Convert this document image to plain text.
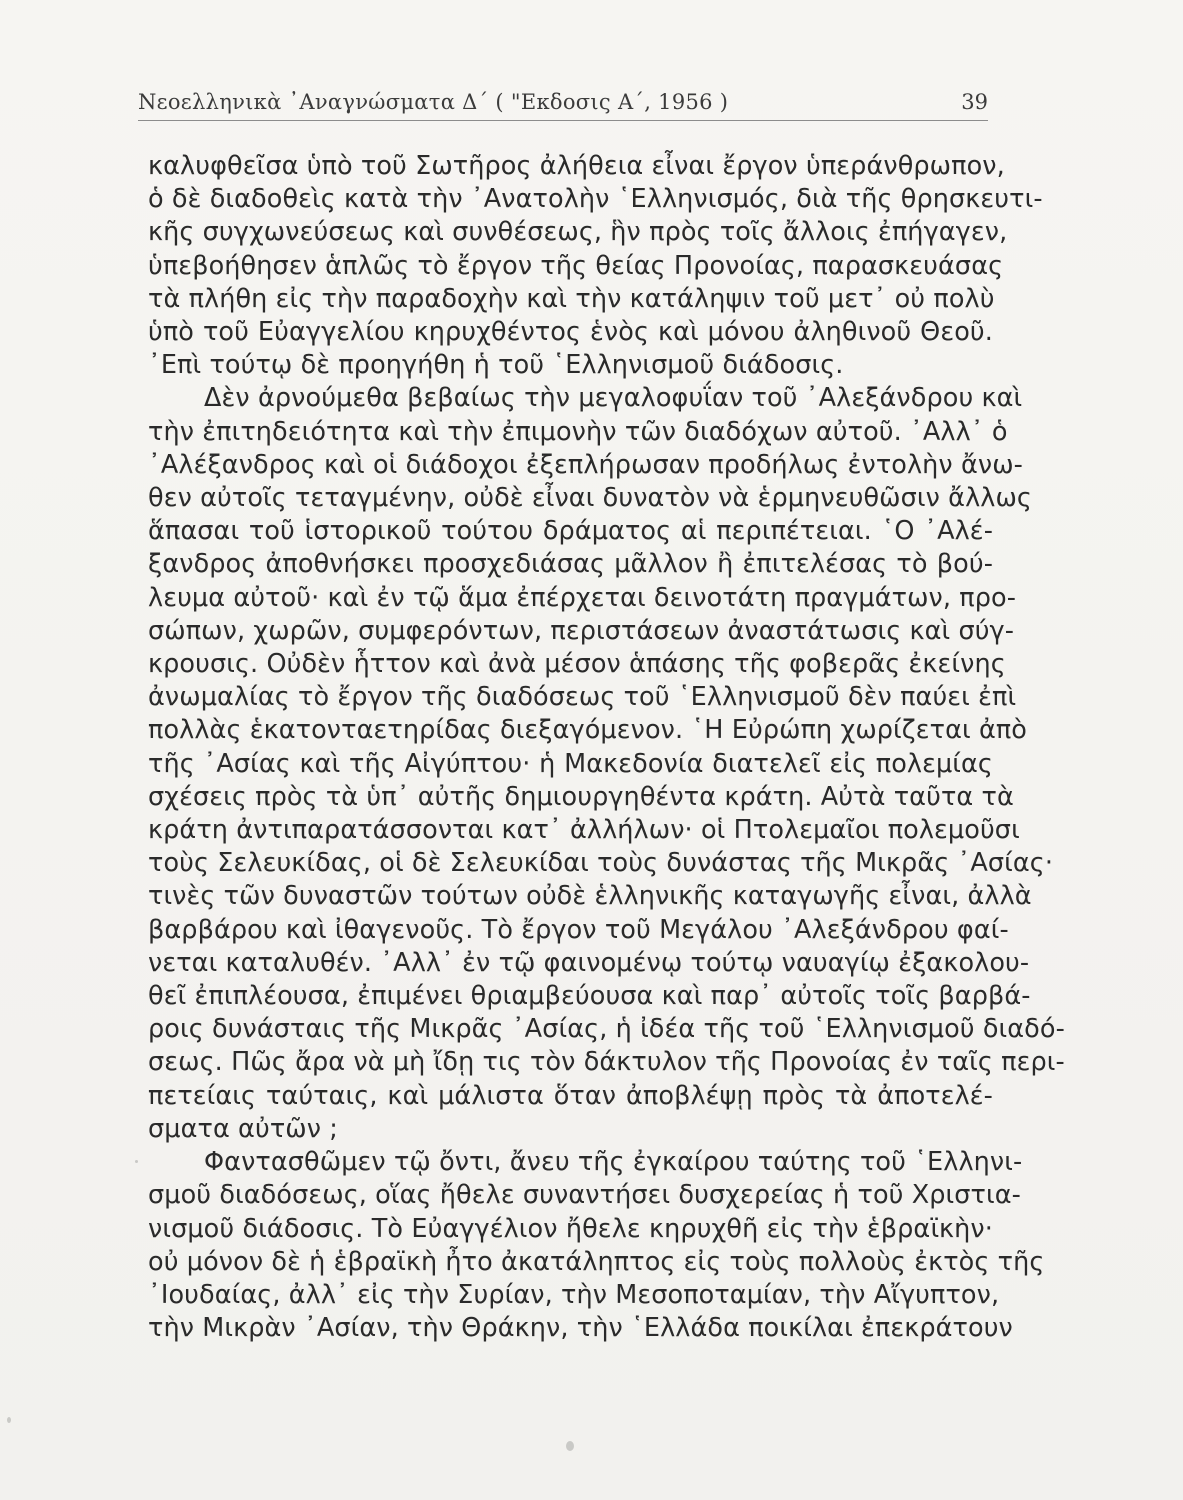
Νεοελληνικὰ ᾿Αναγνώσματα Δ΄ ( "Εκδοσις Α΄, 1956 )	39
καλυφθεῖσα ὑπὸ τοῦ Σωτῆρος ἀλήθεια εἶναι ἔργον ὑπεράνθρωπον,
ὁ δὲ διαδοθεὶς κατὰ τὴν ᾿Ανατολὴν ῾Ελληνισμός, διὰ τῆς θρησκευτι-
κῆς συγχωνεύσεως καὶ συνθέσεως, ἣν πρὸς τοῖς ἄλλοις ἐπήγαγεν,
ὑπεβοήθησεν ἁπλῶς τὸ ἔργον τῆς θείας Προνοίας, παρασκευάσας
τὰ πλήθη εἰς τὴν παραδοχὴν καὶ τὴν κατάληψιν τοῦ μετ᾿ οὐ πολὺ
ὑπὸ τοῦ Εὐαγγελίου κηρυχθέντος ἑνὸς καὶ μόνου ἀληθινοῦ Θεοῦ.
᾿Επὶ τούτῳ δὲ προηγήθη ἡ τοῦ ῾Ελληνισμοῦ διάδοσις.
Δὲν ἀρνούμεθα βεβαίως τὴν μεγαλοφυΐαν τοῦ ᾿Αλεξάνδρου καὶ
τὴν ἐπιτηδειότητα καὶ τὴν ἐπιμονὴν τῶν διαδόχων αὐτοῦ. ᾿Αλλ᾿ ὁ
᾿Αλέξανδρος καὶ οἱ διάδοχοι ἐξεπλήρωσαν προδήλως ἐντολὴν ἄνω-
θεν αὐτοῖς τεταγμένην, οὐδὲ εἶναι δυνατὸν νὰ ἑρμηνευθῶσιν ἄλλως
ἅπασαι τοῦ ἱστορικοῦ τούτου δράματος αἱ περιπέτειαι. ῾Ο ᾿Αλέ-
ξανδρος ἀποθνήσκει προσχεδιάσας μᾶλλον ἢ ἐπιτελέσας τὸ βού-
λευμα αὐτοῦ· καὶ ἐν τῷ ἅμα ἐπέρχεται δεινοτάτη πραγμάτων, προ-
σώπων, χωρῶν, συμφερόντων, περιστάσεων ἀναστάτωσις καὶ σύγ-
κρουσις. Οὐδὲν ἧττον καὶ ἀνὰ μέσον ἁπάσης τῆς φοβερᾶς ἐκείνης
ἀνωμαλίας τὸ ἔργον τῆς διαδόσεως τοῦ ῾Ελληνισμοῦ δὲν παύει ἐπὶ
πολλὰς ἑκατονταετηρίδας διεξαγόμενον. ῾Η Εὐρώπη χωρίζεται ἀπὸ
τῆς ᾿Ασίας καὶ τῆς Αἰγύπτου· ἡ Μακεδονία διατελεῖ εἰς πολεμίας
σχέσεις πρὸς τὰ ὑπ᾿ αὐτῆς δημιουργηθέντα κράτη. Αὐτὰ ταῦτα τὰ
κράτη ἀντιπαρατάσσονται κατ᾿ ἀλλήλων· οἱ Πτολεμαῖοι πολεμοῦσι
τοὺς Σελευκίδας, οἱ δὲ Σελευκίδαι τοὺς δυνάστας τῆς Μικρᾶς ᾿Ασίας·
τινὲς τῶν δυναστῶν τούτων οὐδὲ ἑλληνικῆς καταγωγῆς εἶναι, ἀλλὰ
βαρβάρου καὶ ἰθαγενοῦς. Τὸ ἔργον τοῦ Μεγάλου ᾿Αλεξάνδρου φαί-
νεται καταλυθέν. ᾿Αλλ᾿ ἐν τῷ φαινομένῳ τούτῳ ναυαγίῳ ἐξακολου-
θεῖ ἐπιπλέουσα, ἐπιμένει θριαμβεύουσα καὶ παρ᾿ αὐτοῖς τοῖς βαρβά-
ροις δυνάσταις τῆς Μικρᾶς ᾿Ασίας, ἡ ἰδέα τῆς τοῦ ῾Ελληνισμοῦ διαδό-
σεως. Πῶς ἄρα νὰ μὴ ἴδῃ τις τὸν δάκτυλον τῆς Προνοίας ἐν ταῖς περι-
πετείαις ταύταις, καὶ μάλιστα ὅταν ἀποβλέψῃ πρὸς τὰ ἀποτελέ-
σματα αὐτῶν ;
Φαντασθῶμεν τῷ ὄντι, ἄνευ τῆς ἐγκαίρου ταύτης τοῦ ῾Ελληνι-
σμοῦ διαδόσεως, οἵας ἤθελε συναντήσει δυσχερείας ἡ τοῦ Χριστια-
νισμοῦ διάδοσις. Τὸ Εὐαγγέλιον ἤθελε κηρυχθῆ εἰς τὴν ἑβραϊκὴν·
οὐ μόνον δὲ ἡ ἑβραϊκὴ ἦτο ἀκατάληπτος εἰς τοὺς πολλοὺς ἐκτὸς τῆς
᾿Ιουδαίας, ἀλλ᾿ εἰς τὴν Συρίαν, τὴν Μεσοποταμίαν, τὴν Αἴγυπτον,
τὴν Μικρὰν ᾿Ασίαν, τὴν Θράκην, τὴν ῾Ελλάδα ποικίλαι ἐπεκράτουν
